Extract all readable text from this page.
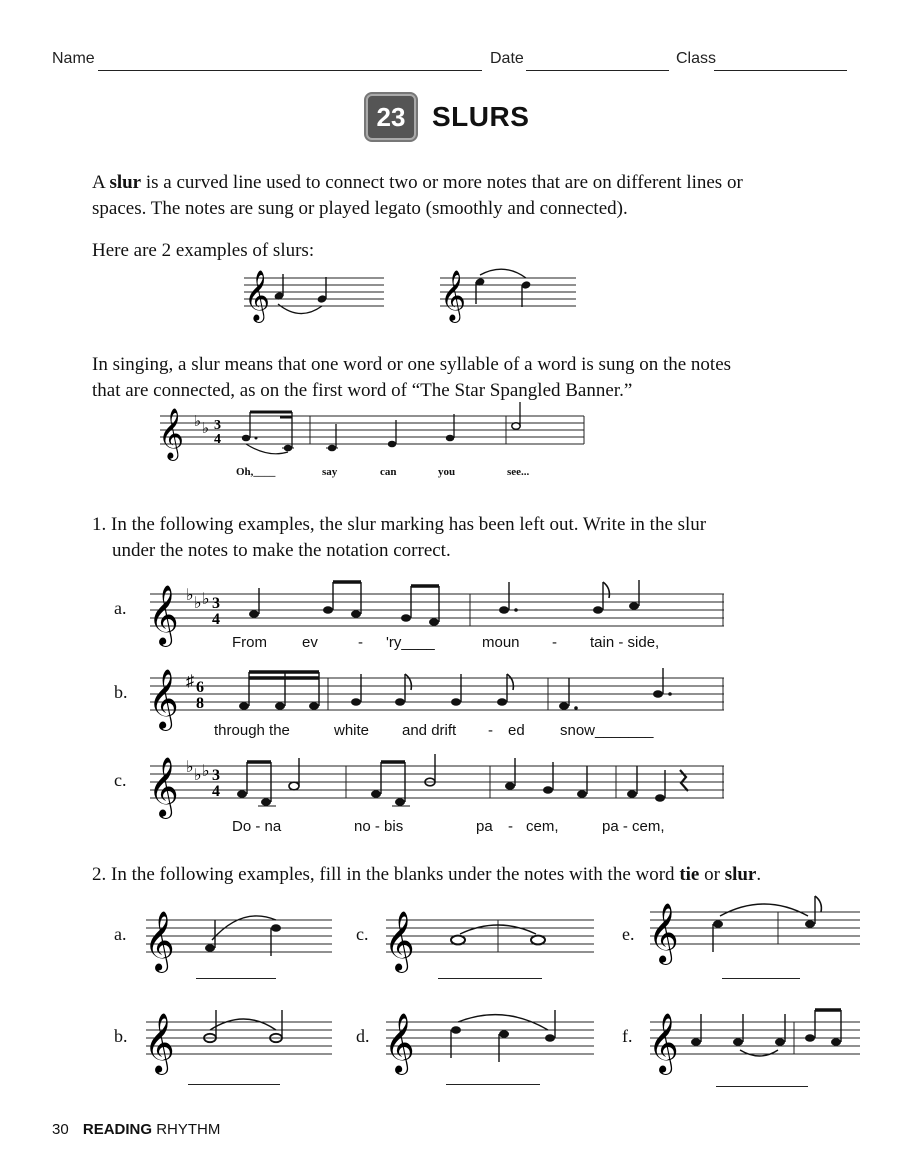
Name	Date	Class
23 SLURS
A slur is a curved line used to connect two or more notes that are on different lines or
spaces. The notes are sung or played legato (smoothly and connected).
Here are 2 examples of slurs:
𝄞	𝄞
In singing, a slur means that one word or one syllable of a word is sung on the notes
that are connected, as on the first word of “The Star Spangled Banner.”
𝄞 ♭ ♭ 3
4
Oh,____	say	can	you	see...
1. In the following examples, the slur marking has been left out. Write in the slur
under the notes to make the notation correct.
a. 𝄞 ♭ ♭ ♭ 3
4
From ev	- 'ry____	moun - tain - side,
b. 𝄞 ♯ 6
8
through the	white and drift - ed snow_______
c. 𝄞 ♭ ♭ ♭ 3
4
Do - na	no - bis	pa - cem,	pa - cem,
2. In the following examples, fill in the blanks under the notes with the word tie or slur.
a. 𝄞	c. 𝄞	e. 𝄞
b. 𝄞	d. 𝄞	f. 𝄞
30 READING RHYTHM
